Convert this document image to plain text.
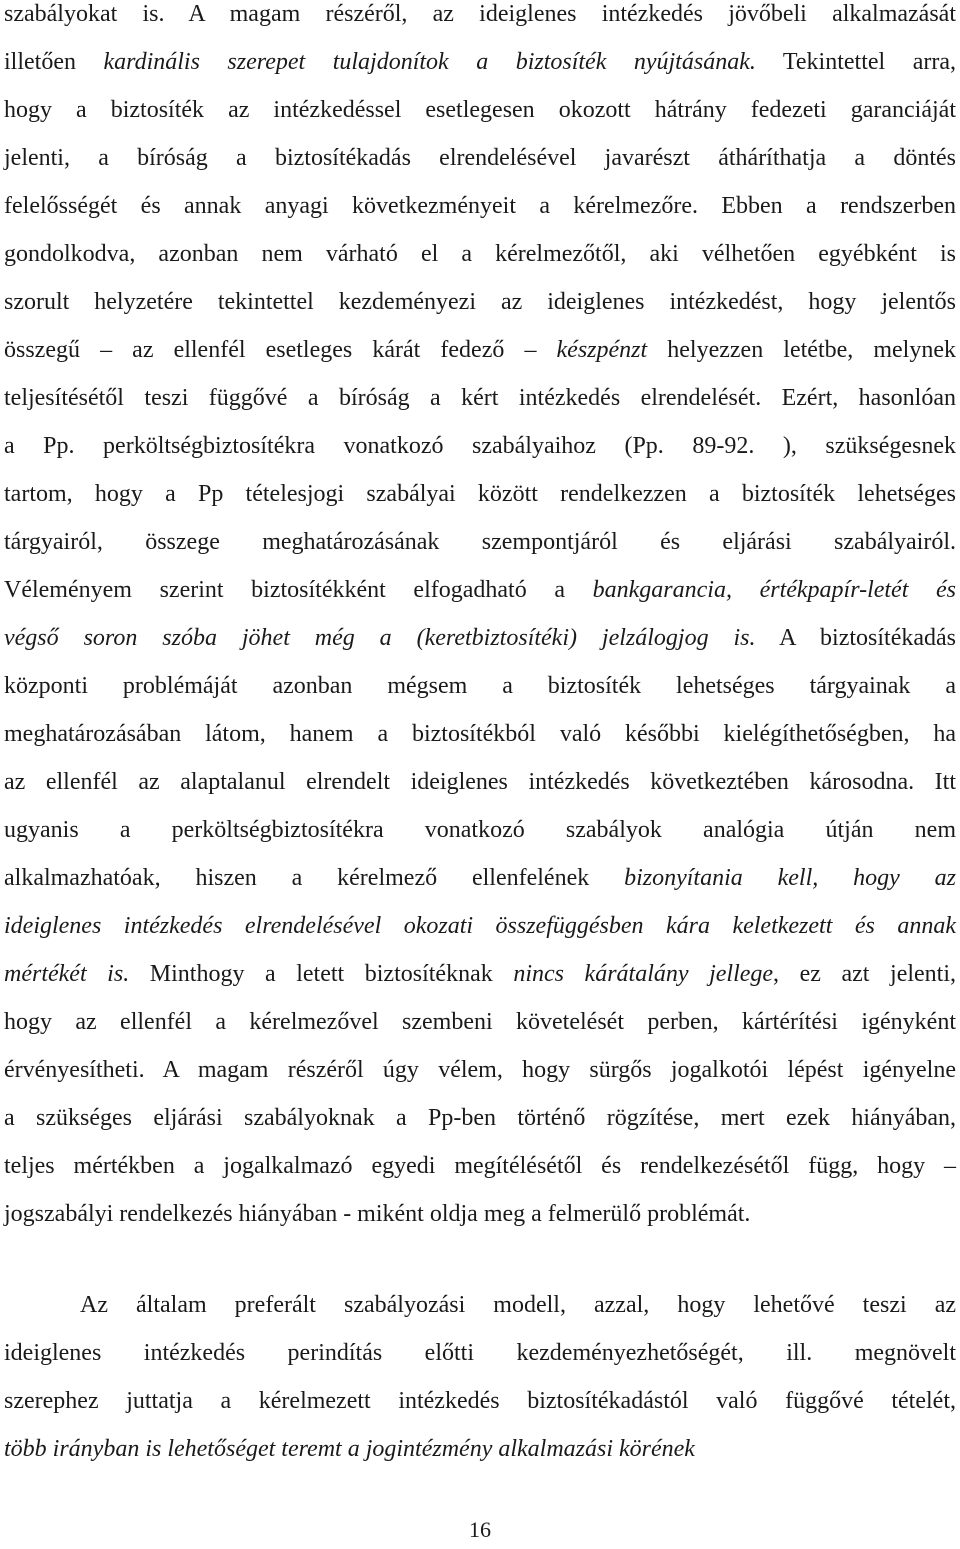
szabályokat is. A magam részéről, az ideiglenes intézkedés jövőbeli alkalmazását
illetően kardinális szerepet tulajdonítok a biztosíték nyújtásának. Tekintettel arra,
hogy a biztosíték az intézkedéssel esetlegesen okozott hátrány fedezeti garanciáját
jelenti, a bíróság a biztosítékadás elrendelésével javarészt átháríthatja a döntés
felelősségét és annak anyagi következményeit a kérelmezőre. Ebben a rendszerben
gondolkodva, azonban nem várható el a kérelmezőtől, aki vélhetően egyébként is
szorult helyzetére tekintettel kezdeményezi az ideiglenes intézkedést, hogy jelentős
összegű – az ellenfél esetleges kárát fedező – készpénzt helyezzen letétbe, melynek
teljesítésétől teszi függővé a bíróság a kért intézkedés elrendelését. Ezért, hasonlóan
a Pp. perköltségbiztosítékra vonatkozó szabályaihoz (Pp. 89-92. ), szükségesnek
tartom, hogy a Pp tételesjogi szabályai között rendelkezzen a biztosíték lehetséges
tárgyairól, összege meghatározásának szempontjáról és eljárási szabályairól.
Véleményem szerint biztosítékként elfogadható a bankgarancia, értékpapír-letét és
végső soron szóba jöhet még a (keretbiztosítéki) jelzálogjog is. A biztosítékadás
központi problémáját azonban mégsem a biztosíték lehetséges tárgyainak a
meghatározásában látom, hanem a biztosítékból való későbbi kielégíthetőségben, ha
az ellenfél az alaptalanul elrendelt ideiglenes intézkedés következtében károsodna. Itt
ugyanis a perköltségbiztosítékra vonatkozó szabályok analógia útján nem
alkalmazhatóak, hiszen a kérelmező ellenfelének bizonyítania kell, hogy az
ideiglenes intézkedés elrendelésével okozati összefüggésben kára keletkezett és annak
mértékét is. Minthogy a letett biztosítéknak nincs kárátalány jellege, ez azt jelenti,
hogy az ellenfél a kérelmezővel szembeni követelését perben, kártérítési igényként
érvényesítheti. A magam részéről úgy vélem, hogy sürgős jogalkotói lépést igényelne
a szükséges eljárási szabályoknak a Pp-ben történő rögzítése, mert ezek hiányában,
teljes mértékben a jogalkalmazó egyedi megítélésétől és rendelkezésétől függ, hogy –
jogszabályi rendelkezés hiányában - miként oldja meg a felmerülő problémát.
Az általam preferált szabályozási modell, azzal, hogy lehetővé teszi az
ideiglenes intézkedés perindítás előtti kezdeményezhetőségét, ill. megnövelt
szerephez juttatja a kérelmezett intézkedés biztosítékadástól való függővé tételét,
több irányban is lehetőséget teremt a jogintézmény alkalmazási körének
16
